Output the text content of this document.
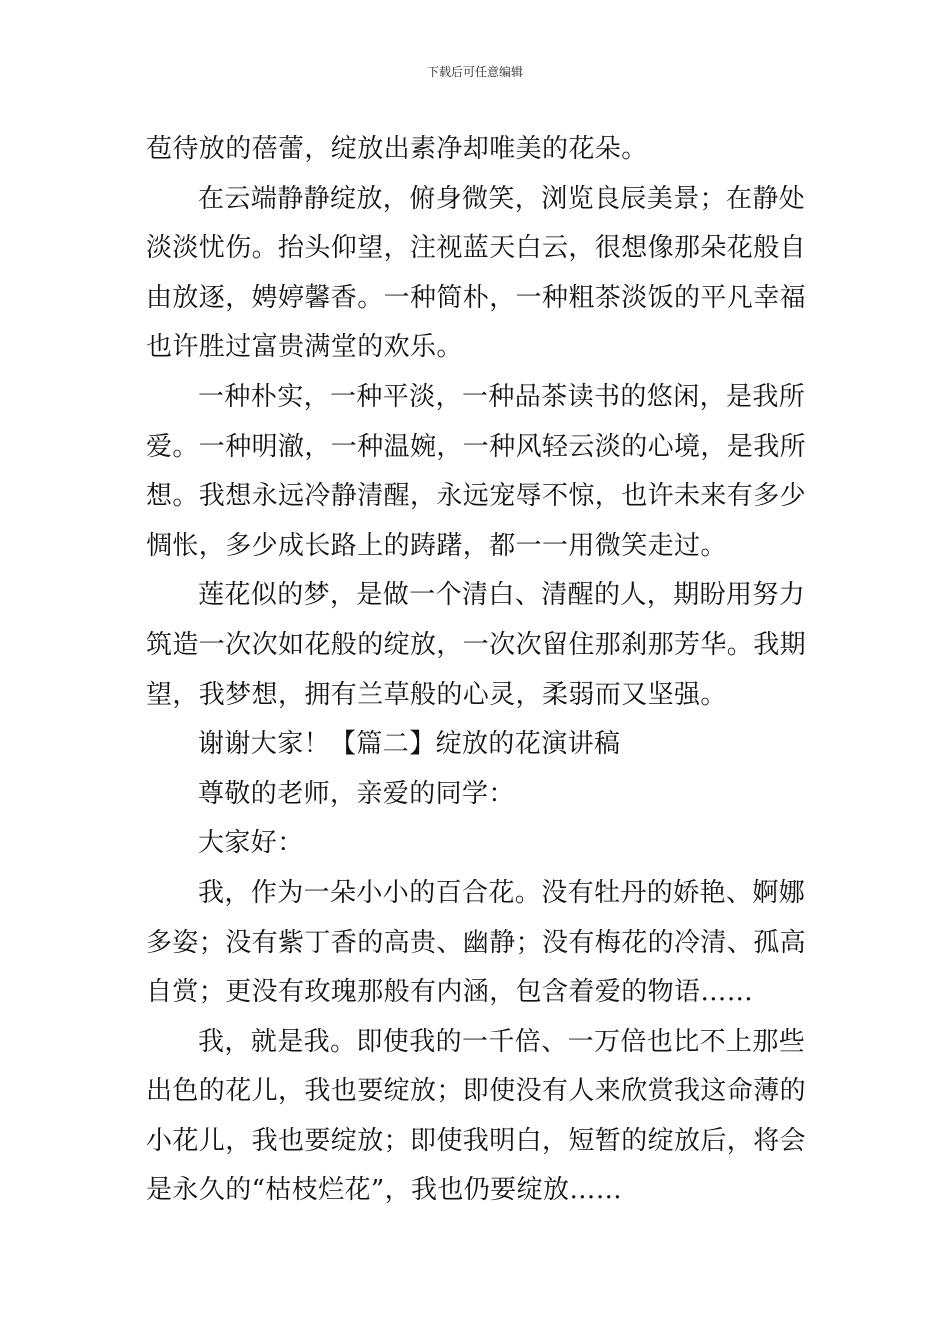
下载后可任意编辑
苞待放的蓓蕾，绽放出素净却唯美的花朵。
在云端静静绽放，俯身微笑，浏览良辰美景；在静处
淡淡忧伤。抬头仰望，注视蓝天白云，很想像那朵花般自
由放逐，娉婷馨香。一种简朴，一种粗茶淡饭的平凡幸福
也许胜过富贵满堂的欢乐。
一种朴实，一种平淡，一种品茶读书的悠闲，是我所
爱。一种明澈，一种温婉，一种风轻云淡的心境，是我所
想。我想永远冷静清醒，永远宠辱不惊，也许未来有多少
惆怅，多少成长路上的踌躇，都一一用微笑走过。
莲花似的梦，是做一个清白、清醒的人，期盼用努力
筑造一次次如花般的绽放，一次次留住那刹那芳华。我期
望，我梦想，拥有兰草般的心灵，柔弱而又坚强。
谢谢大家！【篇二】绽放的花演讲稿
尊敬的老师，亲爱的同学：
大家好：
我，作为一朵小小的百合花。没有牡丹的娇艳、婀娜
多姿；没有紫丁香的高贵、幽静；没有梅花的冷清、孤高
自赏；更没有玫瑰那般有内涵，包含着爱的物语……
我，就是我。即使我的一千倍、一万倍也比不上那些
出色的花儿，我也要绽放；即使没有人来欣赏我这命薄的
小花儿，我也要绽放；即使我明白，短暂的绽放后，将会
是永久的“枯枝烂花”，我也仍要绽放……
